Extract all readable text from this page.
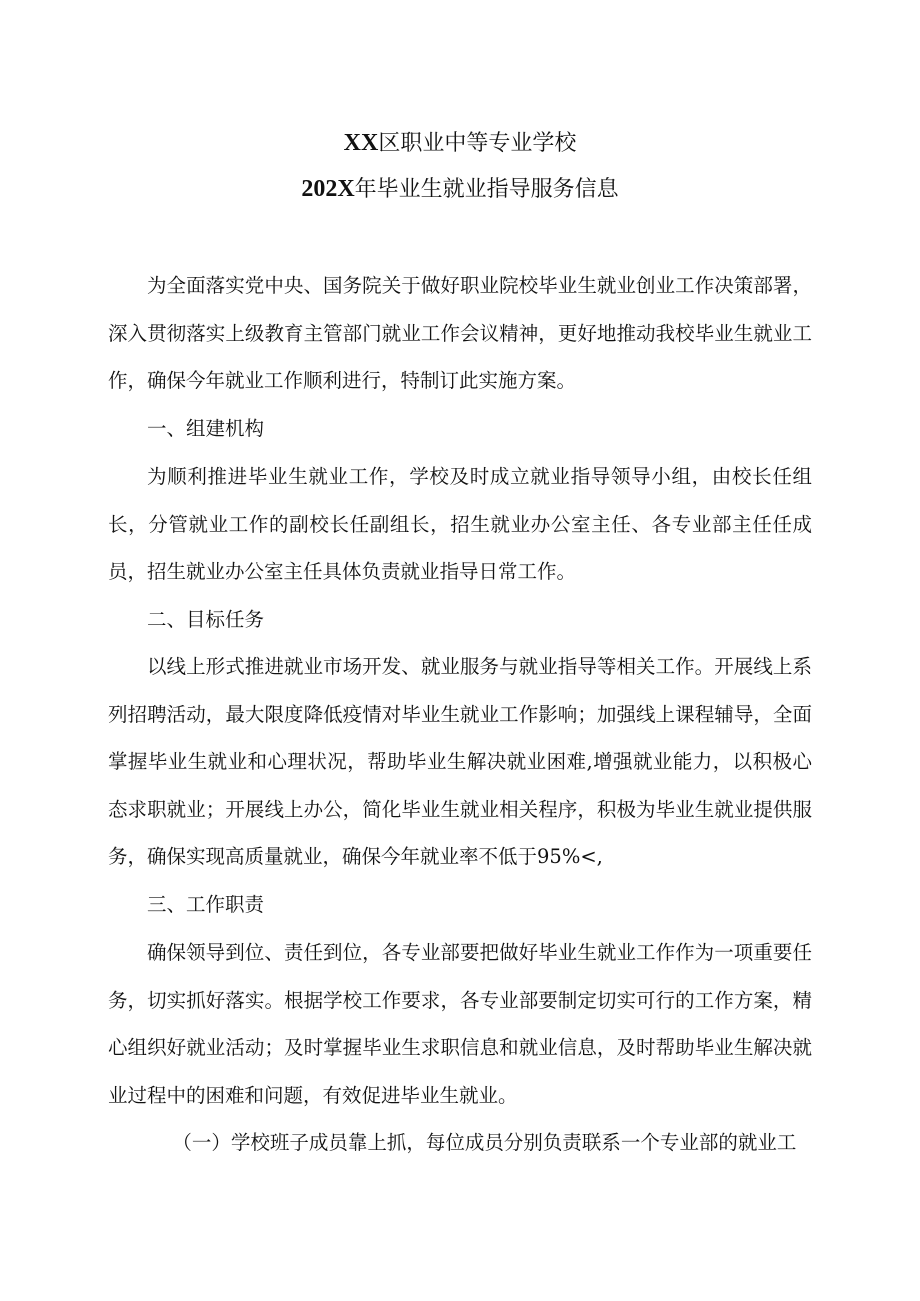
XX区职业中等专业学校
202X年毕业生就业指导服务信息

为全面落实党中央、国务院关于做好职业院校毕业生就业创业工作决策部署，深入贯彻落实上级教育主管部门就业工作会议精神，更好地推动我校毕业生就业工作，确保今年就业工作顺利进行，特制订此实施方案。

一、组建机构

为顺利推进毕业生就业工作，学校及时成立就业指导领导小组，由校长任组长，分管就业工作的副校长任副组长，招生就业办公室主任、各专业部主任任成员，招生就业办公室主任具体负责就业指导日常工作。

二、目标任务

以线上形式推进就业市场开发、就业服务与就业指导等相关工作。开展线上系列招聘活动，最大限度降低疫情对毕业生就业工作影响；加强线上课程辅导，全面掌握毕业生就业和心理状况，帮助毕业生解决就业困难,增强就业能力，以积极心态求职就业；开展线上办公，简化毕业生就业相关程序，积极为毕业生就业提供服务，确保实现高质量就业，确保今年就业率不低于95%<,

三、工作职责

确保领导到位、责任到位，各专业部要把做好毕业生就业工作作为一项重要任务，切实抓好落实。根据学校工作要求，各专业部要制定切实可行的工作方案，精心组织好就业活动；及时掌握毕业生求职信息和就业信息，及时帮助毕业生解决就业过程中的困难和问题，有效促进毕业生就业。

（一）学校班子成员靠上抓，每位成员分别负责联系一个专业部的就业工
